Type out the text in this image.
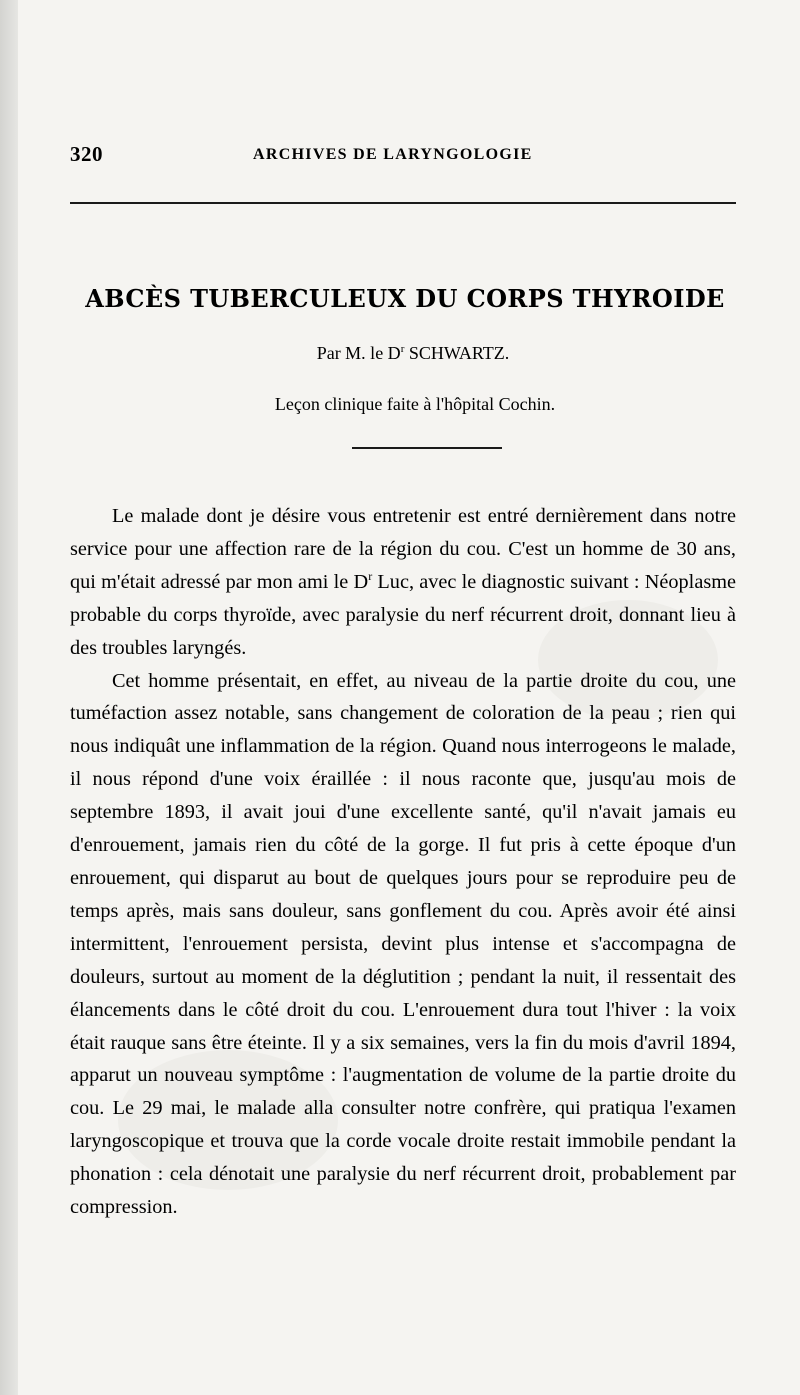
320	ARCHIVES DE LARYNGOLOGIE
ABCÈS TUBERCULEUX DU CORPS THYROIDE
Par M. le $D^r$ SCHWARTZ.
Leçon clinique faite à l'hôpital Cochin.

Le malade dont je désire vous entretenir est entré dernièrement dans notre service pour une affection rare de la région du cou. C'est un homme de 30 ans, qui m'était adressé par mon ami le $D^r$ Luc, avec le diagnostic suivant : Néoplasme probable du corps thyroïde, avec paralysie du nerf récurrent droit, donnant lieu à des troubles laryngés.

Cet homme présentait, en effet, au niveau de la partie droite du cou, une tuméfaction assez notable, sans changement de coloration de la peau ; rien qui nous indiquât une inflammation de la région. Quand nous interrogeons le malade, il nous répond d'une voix éraillée : il nous raconte que, jusqu'au mois de septembre 1893, il avait joui d'une excellente santé, qu'il n'avait jamais eu d'enrouement, jamais rien du côté de la gorge. Il fut pris à cette époque d'un enrouement, qui disparut au bout de quelques jours pour se reproduire peu de temps après, mais sans douleur, sans gonflement du cou. Après avoir été ainsi intermittent, l'enrouement persista, devint plus intense et s'accompagna de douleurs, surtout au moment de la déglutition ; pendant la nuit, il ressentait des élancements dans le côté droit du cou. L'enrouement dura tout l'hiver : la voix était rauque sans être éteinte. Il y a six semaines, vers la fin du mois d'avril 1894, apparut un nouveau symptôme : l'augmentation de volume de la partie droite du cou. Le 29 mai, le malade alla consulter notre confrère, qui pratiqua l'examen laryngoscopique et trouva que la corde vocale droite restait immobile pendant la phonation : cela dénotait une paralysie du nerf récurrent droit, probablement par compression.
